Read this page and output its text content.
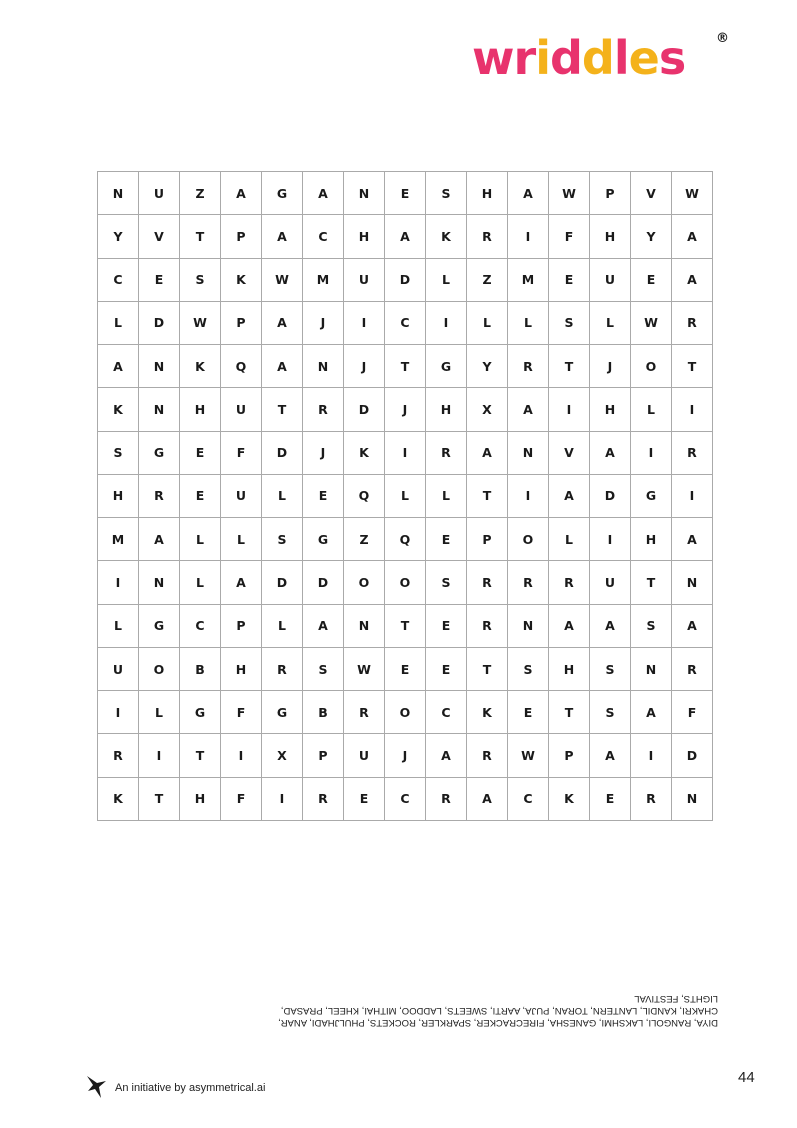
wriddles ®
N	U	Z	A	G	A	N	E	S	H	A	W	P	V	W
Y	V	T	P	A	C	H	A	K	R	I	F	H	Y	A
C	E	S	K	W	M	U	D	L	Z	M	E	U	E	A
L	D	W	P	A	J	I	C	I	L	L	S	L	W	R
A	N	K	Q	A	N	J	T	G	Y	R	T	J	O	T
K	N	H	U	T	R	D	J	H	X	A	I	H	L	I
S	G	E	F	D	J	K	I	R	A	N	V	A	I	R
H	R	E	U	L	E	Q	L	L	T	I	A	D	G	I
M	A	L	L	S	G	Z	Q	E	P	O	L	I	H	A
I	N	L	A	D	D	O	O	S	R	R	R	U	T	N
L	G	C	P	L	A	N	T	E	R	N	A	A	S	A
U	O	B	H	R	S	W	E	E	T	S	H	S	N	R
I	L	G	F	G	B	R	O	C	K	E	T	S	A	F
R	I	T	I	X	P	U	J	A	R	W	P	A	I	D
K	T	H	F	I	R	E	C	R	A	C	K	E	R	N
DIYA, RANGOLI, LAKSHMI, GANESHA, FIRECRACKER, SPARKLER, ROCKETS, PHULJHADI, ANAR,
CHAKRI, KANDIL, LANTERN, TORAN, PUJA, AARTI, SWEETS, LADDOO, MITHAI, KHEEL, PRASAD,
LIGHTS, FESTIVAL
44
An initiative by asymmetrical.ai
